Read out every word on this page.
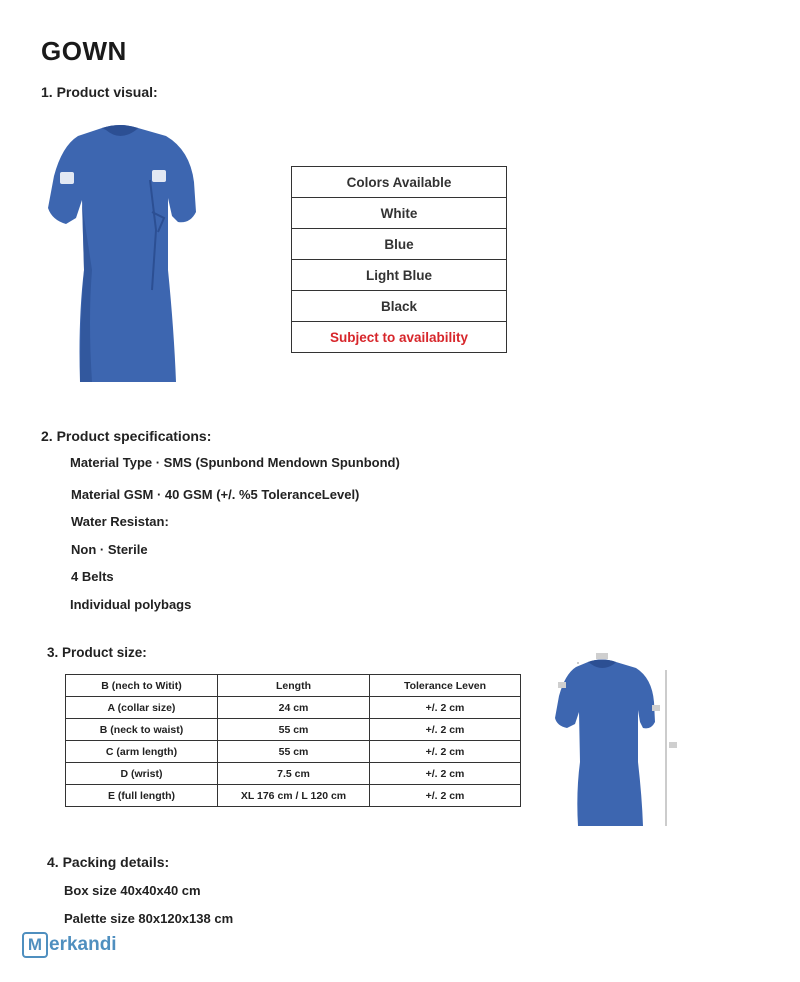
GOWN
1. Product visual:
Colors Available
White
Blue
Light Blue
Black
Subject to availability
2. Product specifications:
Material Type · SMS (Spunbond Mendown Spunbond)
Material GSM · 40 GSM (+/. %5 ToleranceLevel)
Water Resistan:
Non · Sterile
4 Belts
Individual polybags
3. Product size:
B (nech to Witit)	Length	Tolerance Leven
A (collar size)	24 cm	+/. 2 cm
B (neck to waist)	55 cm	+/. 2 cm
C (arm length)	55 cm	+/. 2 cm
D (wrist)	7.5 cm	+/. 2 cm
E (full length)	XL 176 cm / L 120 cm	+/. 2 cm
4. Packing details:
Box size 40x40x40 cm
Palette size 80x120x138 cm
M erkandi
